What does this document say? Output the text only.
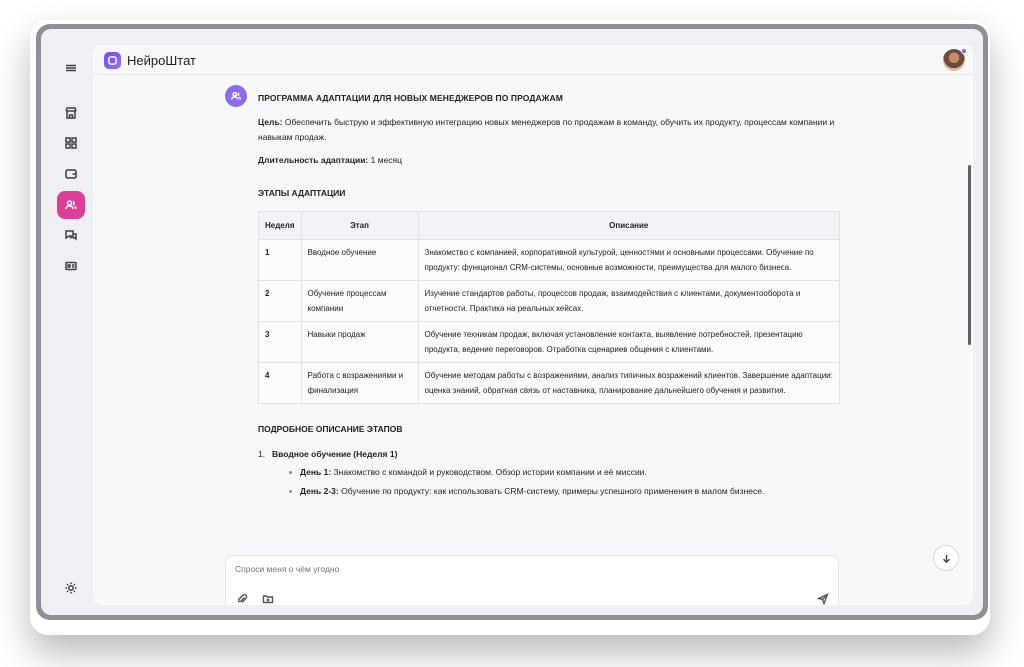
НейроШтат
ПРОГРАММА АДАПТАЦИИ ДЛЯ НОВЫХ МЕНЕДЖЕРОВ ПО ПРОДАЖАМ

Цель: Обеспечить быструю и эффективную интеграцию новых менеджеров по продажам в команду, обучить их продукту, процессам компании и навыкам продаж.

Длительность адаптации: 1 месяц

ЭТАПЫ АДАПТАЦИИ
Неделя	Этап	Описание
1	Вводное обучение	Знакомство с компанией, корпоративной культурой, ценностями и основными процессами. Обучение по продукту: функционал CRM-системы, основные возможности, преимущества для малого бизнеса.
2	Обучение процессам компании	Изучение стандартов работы, процессов продаж, взаимодействия с клиентами, документооборота и отчетности. Практика на реальных кейсах.
3	Навыки продаж	Обучение техникам продаж, включая установление контакта, выявление потребностей, презентацию продукта, ведение переговоров. Отработка сценариев общения с клиентами.
4	Работа с возражениями и финализация	Обучение методам работы с возражениями, анализ типичных возражений клиентов. Завершение адаптации: оценка знаний, обратная связь от наставника, планирование дальнейшего обучения и развития.
ПОДРОБНОЕ ОПИСАНИЕ ЭТАПОВ
1. Вводное обучение (Неделя 1)
День 1: Знакомство с командой и руководством. Обзор истории компании и её миссии.
День 2-3: Обучение по продукту: как использовать CRM-систему, примеры успешного применения в малом бизнесе.
Спроси меня о чём угодно
